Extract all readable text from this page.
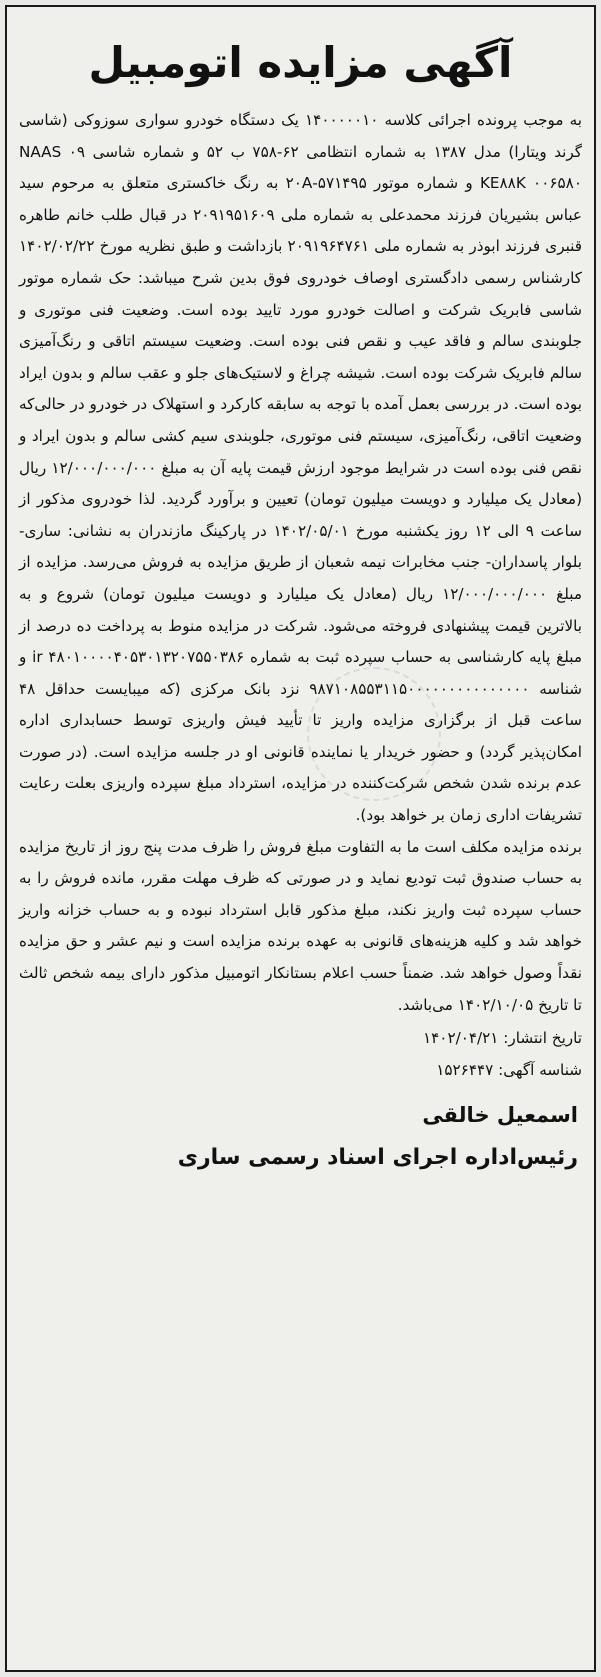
آگهی مزایده اتومبیل

به موجب پرونده اجرائی کلاسه ۱۴۰۰۰۰۰۱۰ یک دستگاه خودرو سواری سوزوکی (شاسی گرند ویتارا) مدل ۱۳۸۷ به شماره انتظامی ۶۲-۷۵۸ ب ۵۲ و شماره شاسی NAAS ۰۹ KE۸۸K ۰۰۶۵۸۰ و شماره موتور ۵۷۱۴۹۵-۲۰A به رنگ خاکستری متعلق به مرحوم سید عباس بشیریان فرزند محمدعلی به شماره ملی ۲۰۹۱۹۵۱۶۰۹ در قبال طلب خانم طاهره قنبری فرزند ابوذر به شماره ملی ۲۰۹۱۹۶۴۷۶۱ بازداشت و طبق نظریه مورخ ۱۴۰۲/۰۲/۲۲ کارشناس رسمی دادگستری اوصاف خودروی فوق بدین شرح میباشد: حک شماره موتور شاسی فابریک شرکت و اصالت خودرو مورد تایید بوده است. وضعیت فنی موتوری و جلوبندی سالم و فاقد عیب و نقص فنی بوده است. وضعیت سیستم اتاقی و رنگ‌آمیزی سالم فابریک شرکت بوده است. شیشه چراغ و لاستیک‌های جلو و عقب سالم و بدون ایراد بوده است. در بررسی بعمل آمده با توجه به سابقه کارکرد و استهلاک در خودرو در حالی‌که وضعیت اتاقی، رنگ‌آمیزی، سیستم فنی موتوری، جلوبندی سیم کشی سالم و بدون ایراد و نقص فنی بوده است در شرایط موجود ارزش قیمت پایه آن به مبلغ ۱۲/۰۰۰/۰۰۰/۰۰۰ ریال (معادل یک میلیارد و دویست میلیون تومان) تعیین و برآورد گردید. لذا خودروی مذکور از ساعت ۹ الی ۱۲ روز یکشنبه مورخ ۱۴۰۲/۰۵/۰۱ در پارکینگ مازندران به نشانی: ساری-بلوار پاسداران- جنب مخابرات نیمه شعبان از طریق مزایده به فروش می‌رسد. مزایده از مبلغ ۱۲/۰۰۰/۰۰۰/۰۰۰ ریال (معادل یک میلیارد و دویست میلیون تومان) شروع و به بالاترین قیمت پیشنهادی فروخته می‌شود. شرکت در مزایده منوط به پرداخت ده درصد از مبلغ پایه کارشناسی به حساب سپرده ثبت به شماره ۴۸۰۱۰۰۰۰۴۰۵۳۰۱۳۲۰۷۵۵۰۳۸۶ ir و شناسه ۹۸۷۱۰۸۵۵۳۱۱۵۰۰۰۰۰۰۰۰۰۰۰۰۰۰۰ نزد بانک مرکزی (که میبایست حداقل ۴۸ ساعت قبل از برگزاری مزایده واریز تا تأیید فیش واریزی توسط حسابداری اداره امکان‌پذیر گردد) و حضور خریدار یا نماینده قانونی او در جلسه مزایده است. (در صورت عدم برنده شدن شخص شرکت‌کننده در مزایده، استرداد مبلغ سپرده واریزی بعلت رعایت تشریفات اداری زمان بر خواهد بود).

برنده مزایده مکلف است ما به التفاوت مبلغ فروش را ظرف مدت پنج روز از تاریخ مزایده به حساب صندوق ثبت تودیع نماید و در صورتی که ظرف مهلت مقرر، مانده فروش را به حساب سپرده ثبت واریز نکند، مبلغ مذکور قابل استرداد نبوده و به حساب خزانه واریز خواهد شد و کلیه هزینه‌های قانونی به عهده برنده مزایده است و نیم عشر و حق مزایده نقداً وصول خواهد شد. ضمناً حسب اعلام بستانکار اتومبیل مذکور دارای بیمه شخص ثالث تا تاریخ ۱۴۰۲/۱۰/۰۵ می‌باشد.

تاریخ انتشار: ۱۴۰۲/۰۴/۲۱
شناسه آگهی: ۱۵۲۶۴۴۷
اسمعیل خالقی
رئیس‌اداره اجرای اسناد رسمی ساری
